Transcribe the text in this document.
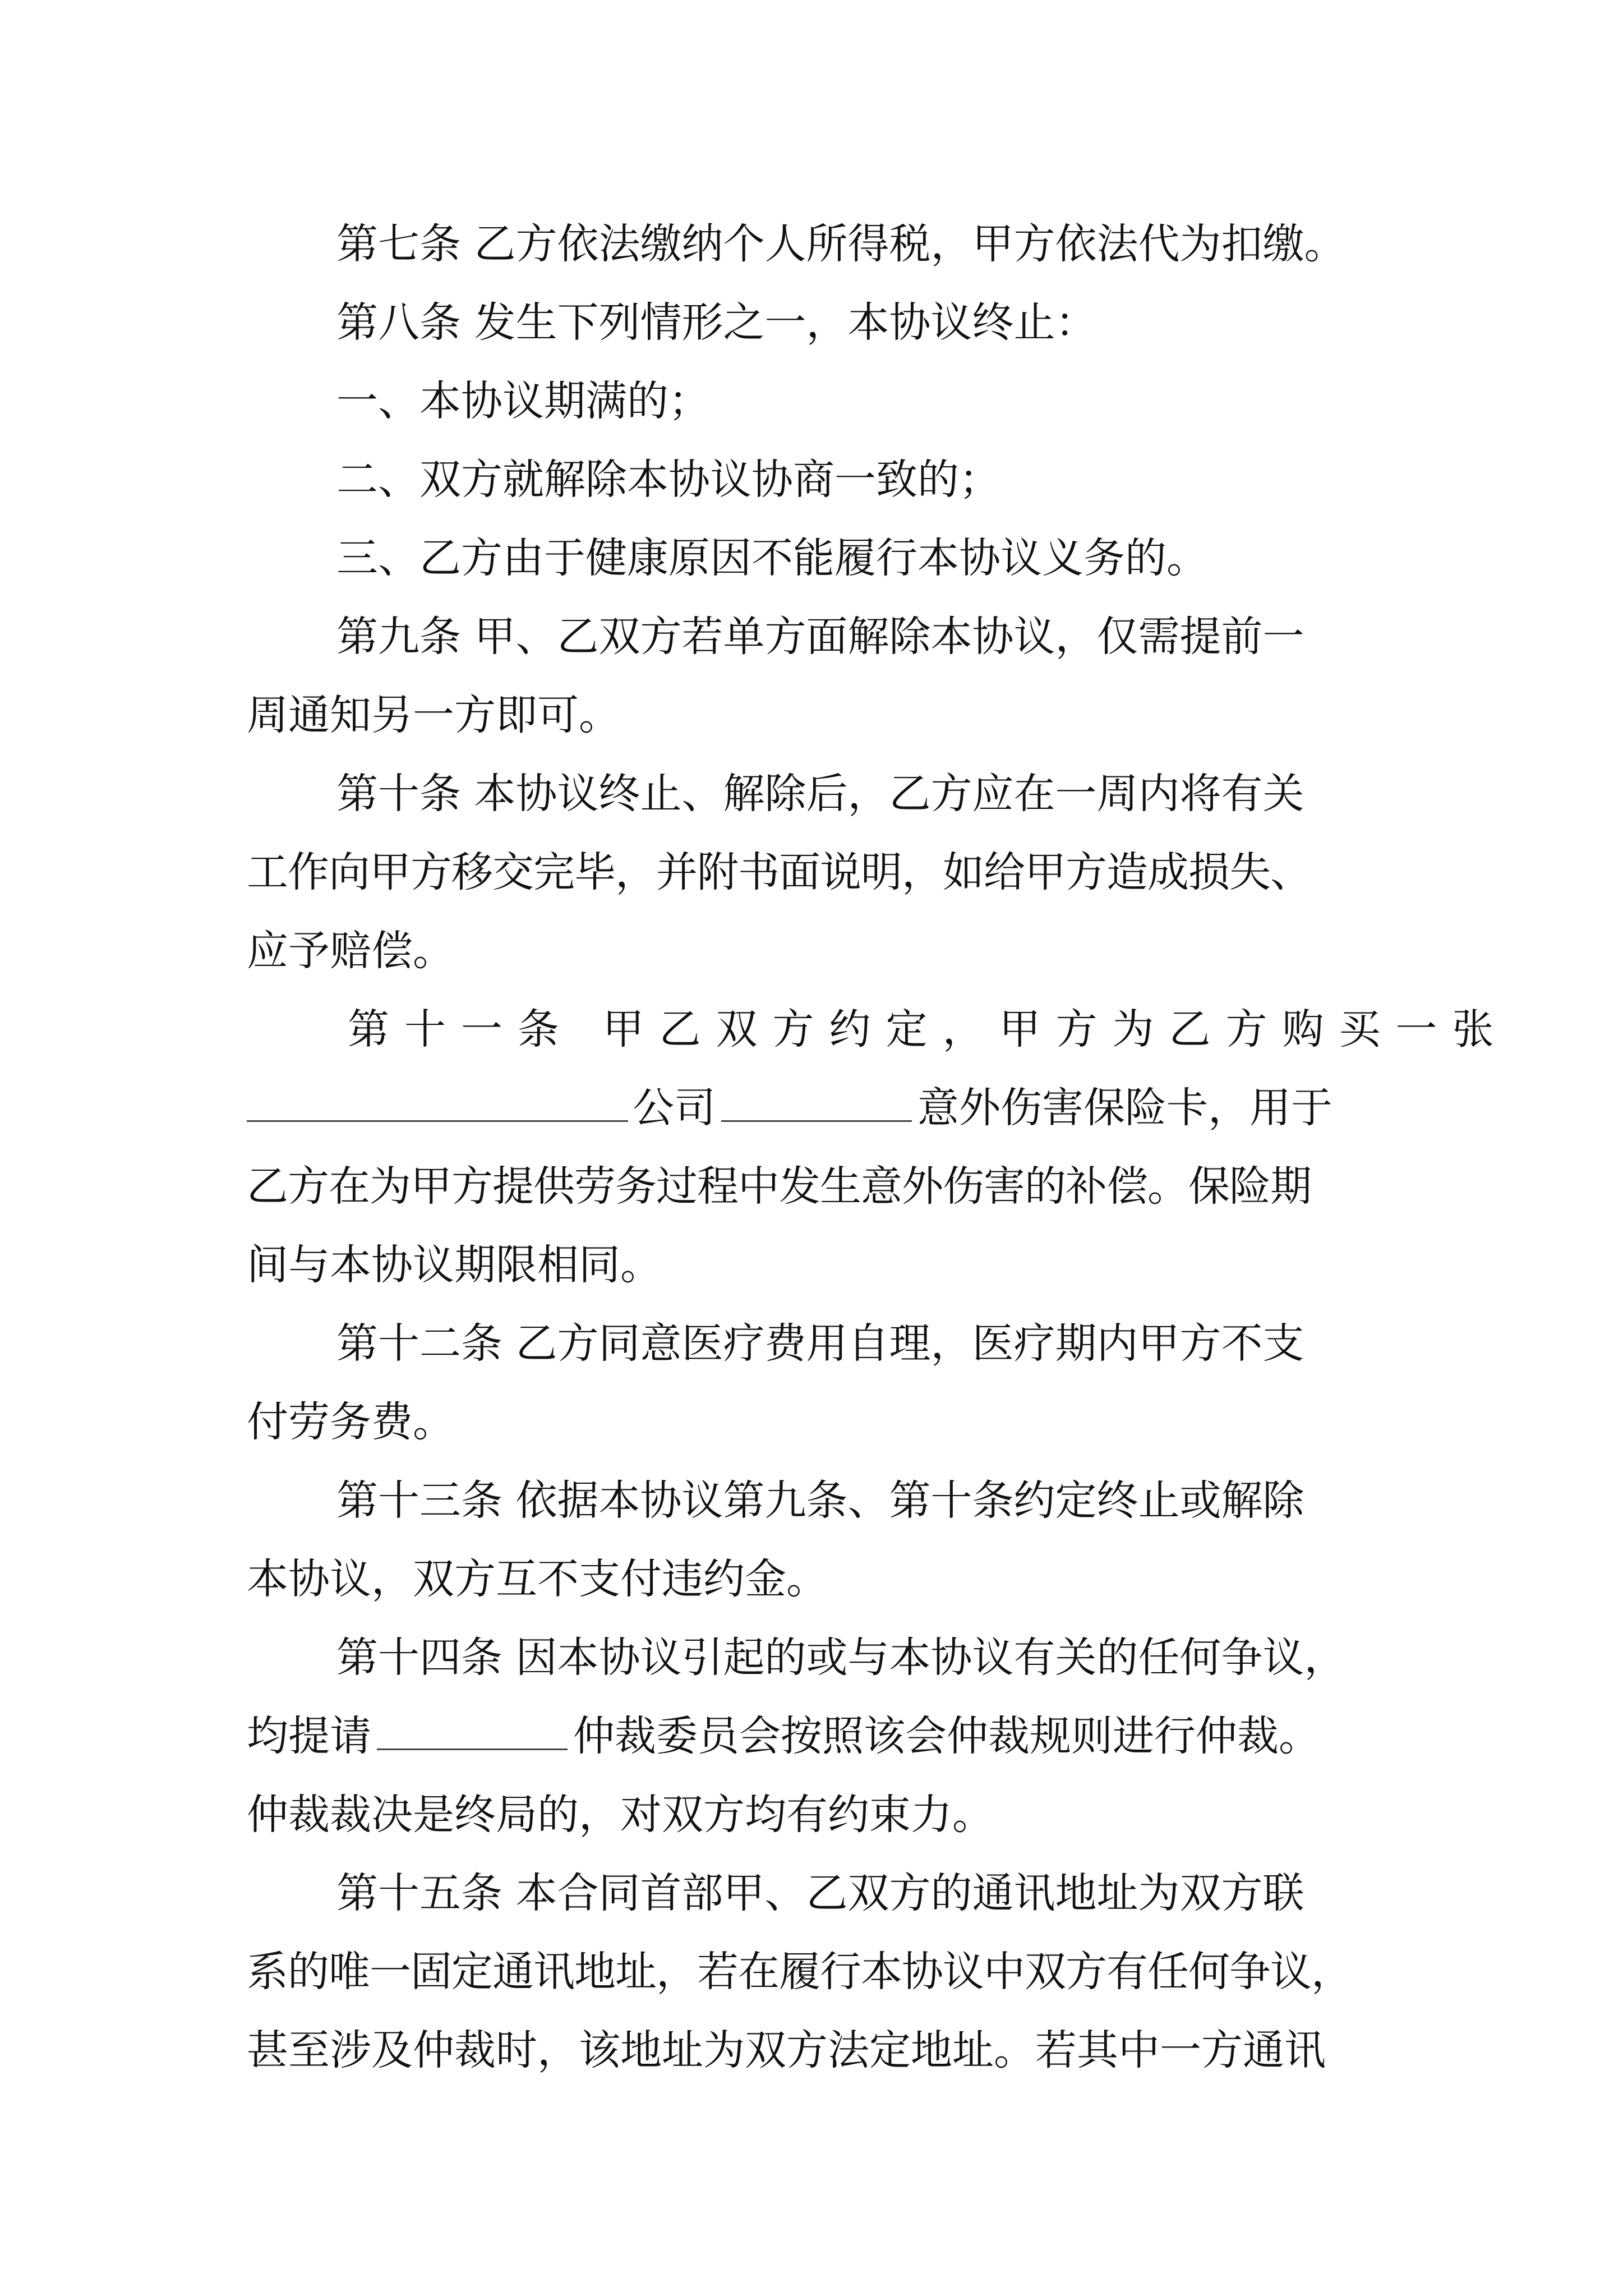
第七条 乙方依法缴纳个人所得税，甲方依法代为扣缴。
第八条 发生下列情形之一，本协议终止：
一、本协议期满的；
二、双方就解除本协议协商一致的；
三、乙方由于健康原因不能履行本协议义务的。
第九条 甲、乙双方若单方面解除本协议，仅需提前一
周通知另一方即可。
第十条 本协议终止、解除后，乙方应在一周内将有关
工作向甲方移交完毕，并附书面说明，如给甲方造成损失、
应予赔偿。
第十一条 甲乙双方约定，甲方为乙方购买一张
公司	意外伤害保险卡，用于
乙方在为甲方提供劳务过程中发生意外伤害的补偿。保险期
间与本协议期限相同。
第十二条 乙方同意医疗费用自理，医疗期内甲方不支
付劳务费。
第十三条 依据本协议第九条、第十条约定终止或解除
本协议，双方互不支付违约金。
第十四条 因本协议引起的或与本协议有关的任何争议，
均提请	仲裁委员会按照该会仲裁规则进行仲裁。
仲裁裁决是终局的，对双方均有约束力。
第十五条 本合同首部甲、乙双方的通讯地址为双方联
系的唯一固定通讯地址，若在履行本协议中双方有任何争议，
甚至涉及仲裁时，该地址为双方法定地址。若其中一方通讯
